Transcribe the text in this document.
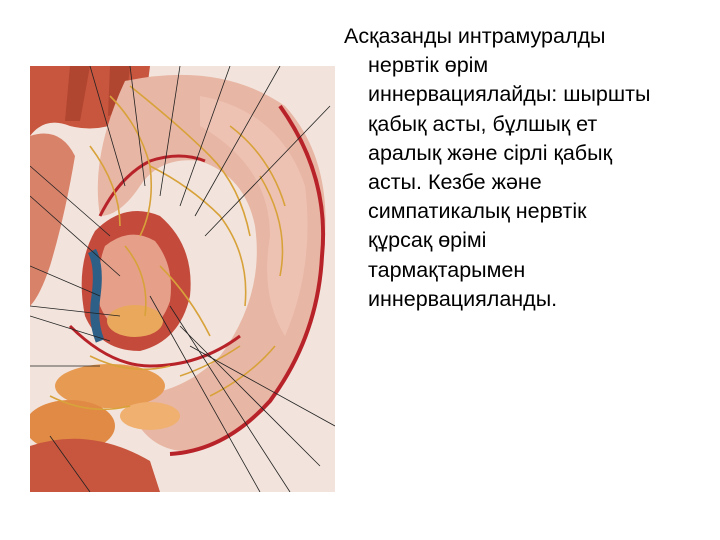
Асқазанды интрамуралды
нервтік өрім
иннервациялайды: шыршты
қабық асты, бұлшық ет
аралық және сірлі қабық
асты. Кезбе және
симпатикалық нервтік
құрсақ өрімі
тармақтарымен
иннервацияланды.
